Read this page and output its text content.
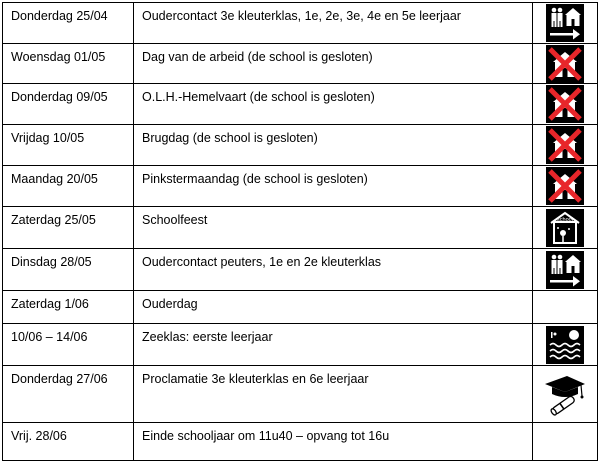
Donderdag 25/04	Oudercontact 3e kleuterklas, 1e, 2e, 3e, 4e en 5e leerjaar	

Woensdag 01/05	Dag van de arbeid (de school is gesloten)	

Donderdag 09/05	O.L.H.-Hemelvaart (de school is gesloten)	

Vrijdag 10/05	Brugdag (de school is gesloten)	

Maandag 20/05	Pinkstermaandag (de school is gesloten)	

Zaterdag 25/05	Schoolfeest	school

Dinsdag 28/05	Oudercontact peuters, 1e en 2e kleuterklas	

Zaterdag 1/06	Ouderdag	
10/06 – 14/06	Zeeklas: eerste leerjaar	

Donderdag 27/06	Proclamatie 3e kleuterklas en 6e leerjaar	

Vrij. 28/06	Einde schooljaar om 11u40 – opvang tot 16u	
